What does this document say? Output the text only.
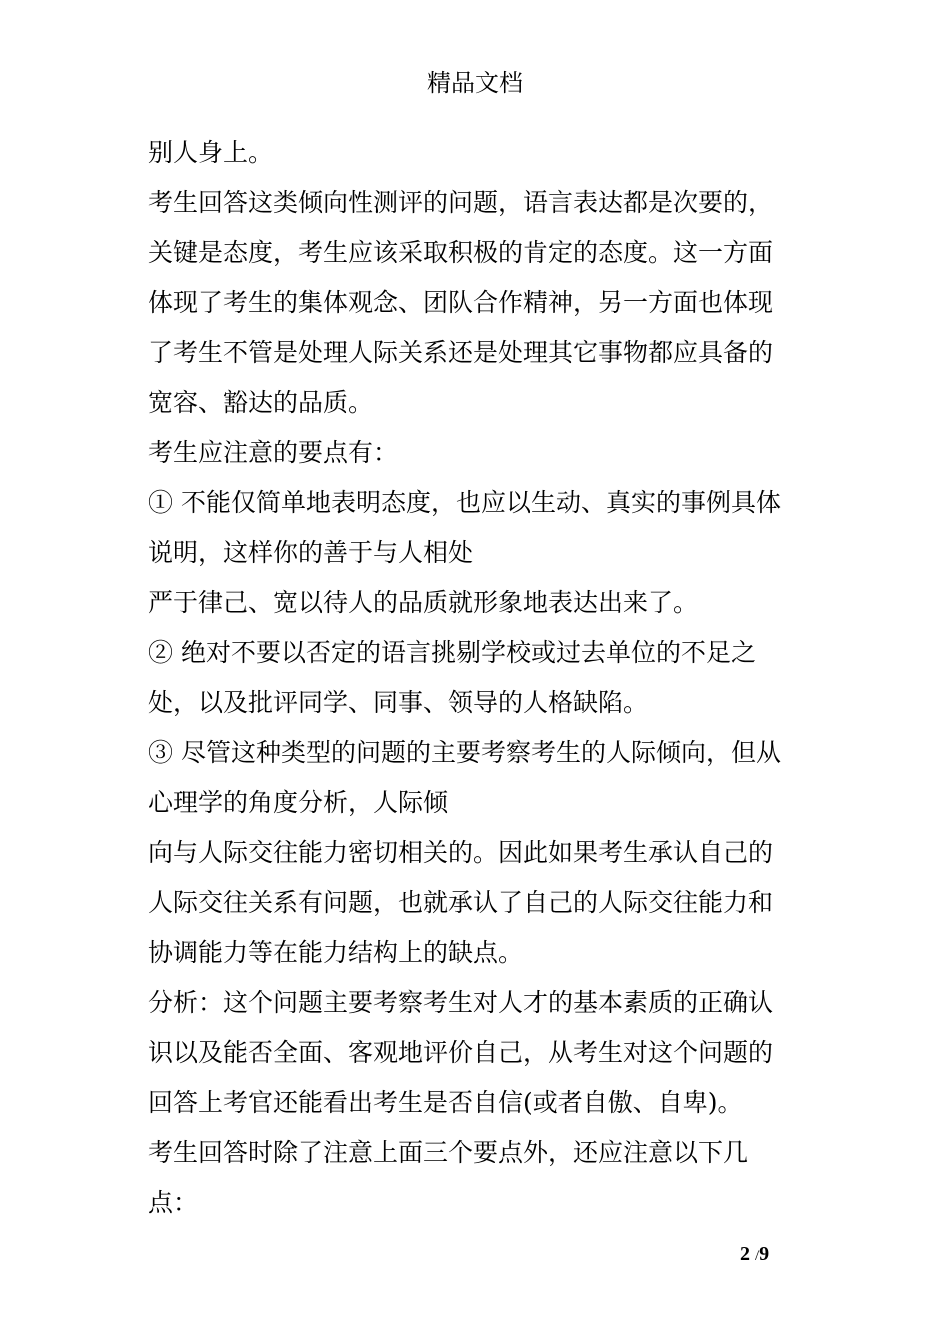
精品文档
别人身上。
考生回答这类倾向性测评的问题，语言表达都是次要的，
关键是态度，考生应该采取积极的肯定的态度。这一方面
体现了考生的集体观念、团队合作精神，另一方面也体现
了考生不管是处理人际关系还是处理其它事物都应具备的
宽容、豁达的品质。
考生应注意的要点有：
① 不能仅简单地表明态度，也应以生动、真实的事例具体
说明，这样你的善于与人相处
严于律己、宽以待人的品质就形象地表达出来了。
② 绝对不要以否定的语言挑剔学校或过去单位的不足之
处，以及批评同学、同事、领导的人格缺陷。
③ 尽管这种类型的问题的主要考察考生的人际倾向，但从
心理学的角度分析，人际倾
向与人际交往能力密切相关的。因此如果考生承认自己的
人际交往关系有问题，也就承认了自己的人际交往能力和
协调能力等在能力结构上的缺点。
分析：这个问题主要考察考生对人才的基本素质的正确认
识以及能否全面、客观地评价自己，从考生对这个问题的
回答上考官还能看出考生是否自信(或者自傲、自卑)。
考生回答时除了注意上面三个要点外，还应注意以下几
点：
2 /9
